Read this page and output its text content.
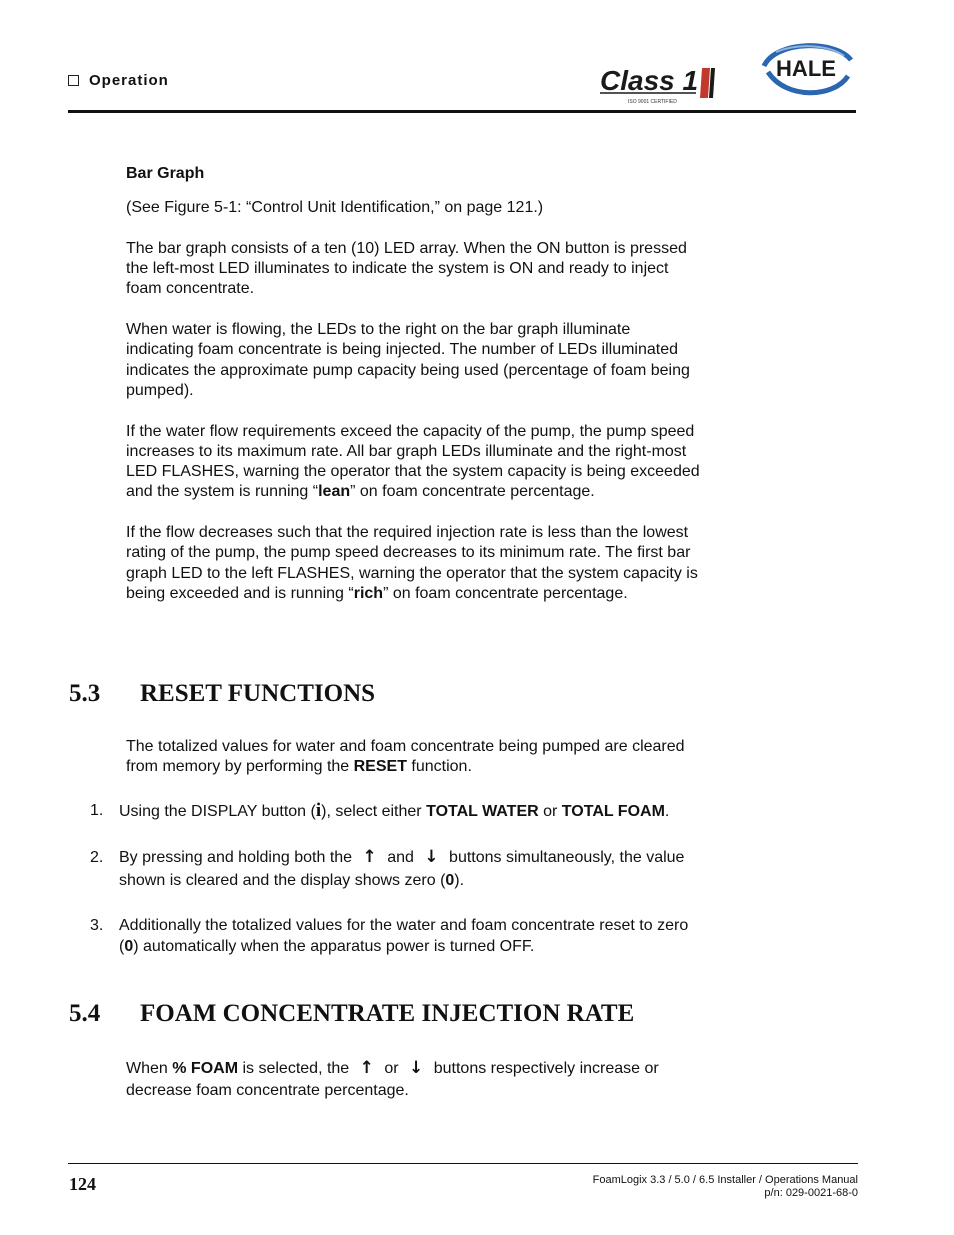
Operation	Class 1
ISO 9001 CERTIFIED
HALE

Bar Graph

(See Figure 5-1: “Control Unit Identification,” on page 121.)

The bar graph consists of a ten (10) LED array. When the ON button is pressed the left-most LED illuminates to indicate the system is ON and ready to inject foam concentrate.

When water is flowing, the LEDs to the right on the bar graph illuminate indicating foam concentrate is being injected. The number of LEDs illuminated indicates the approximate pump capacity being used (percentage of foam being pumped).

If the water flow requirements exceed the capacity of the pump, the pump speed increases to its maximum rate. All bar graph LEDs illuminate and the right-most LED FLASHES, warning the operator that the system capacity is being exceeded and the system is running “lean” on foam concentrate percentage.

If the flow decreases such that the required injection rate is less than the lowest rating of the pump, the pump speed decreases to its minimum rate. The first bar graph LED to the left FLASHES, warning the operator that the system capacity is being exceeded and is running “rich” on foam concentrate percentage.

5.3	RESET FUNCTIONS

The totalized values for water and foam concentrate being pumped are cleared from memory by performing the RESET function.

1. Using the DISPLAY button (i), select either TOTAL WATER or TOTAL FOAM.
2. By pressing and holding both the ↑ and ↓ buttons simultaneously, the value shown is cleared and the display shows zero (0).
3. Additionally the totalized values for the water and foam concentrate reset to zero (0) automatically when the apparatus power is turned OFF.
5.4	FOAM CONCENTRATE INJECTION RATE

When % FOAM is selected, the ↑ or ↓ buttons respectively increase or decrease foam concentrate percentage.

124	FoamLogix 3.3 / 5.0 / 6.5 Installer / Operations Manual
p/n: 029-0021-68-0
